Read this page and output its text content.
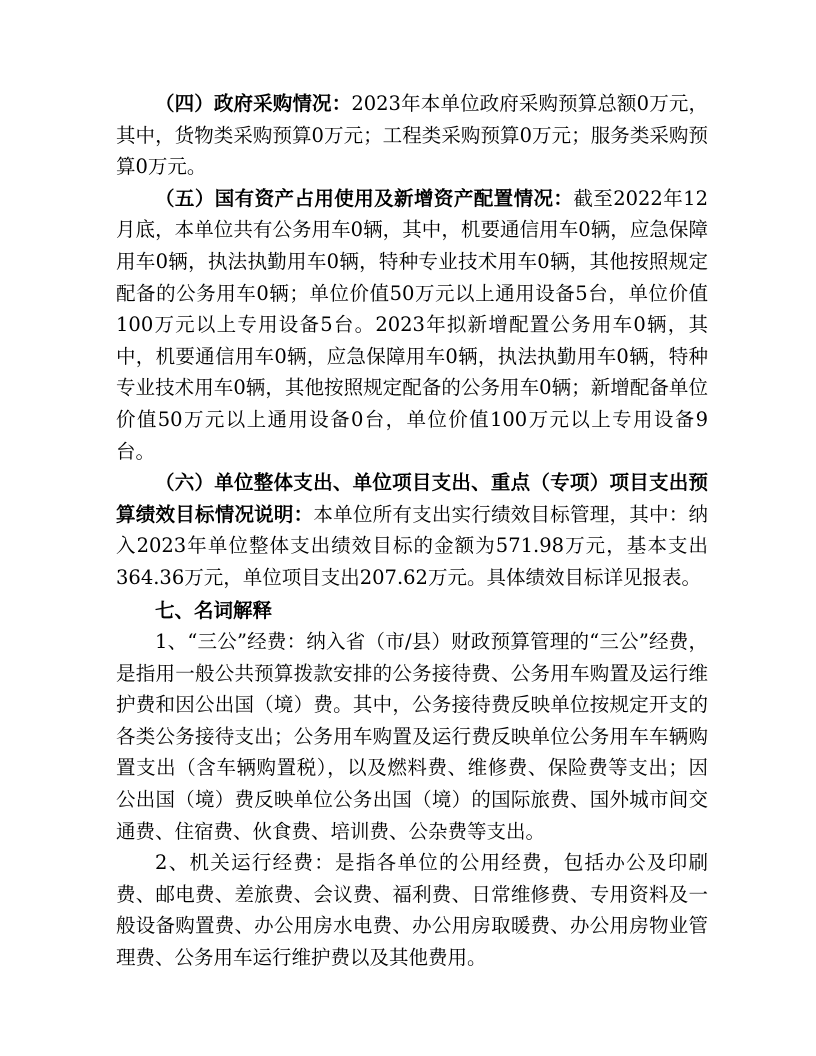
（四）政府采购情况：2023年本单位政府采购预算总额0万元，其中，货物类采购预算0万元；工程类采购预算0万元；服务类采购预算0万元。

（五）国有资产占用使用及新增资产配置情况：截至2022年12月底，本单位共有公务用车0辆，其中，机要通信用车0辆，应急保障用车0辆，执法执勤用车0辆，特种专业技术用车0辆，其他按照规定配备的公务用车0辆；单位价值50万元以上通用设备5台，单位价值100万元以上专用设备5台。2023年拟新增配置公务用车0辆，其中，机要通信用车0辆，应急保障用车0辆，执法执勤用车0辆，特种专业技术用车0辆，其他按照规定配备的公务用车0辆；新增配备单位价值50万元以上通用设备0台，单位价值100万元以上专用设备9台。

（六）单位整体支出、单位项目支出、重点（专项）项目支出预算绩效目标情况说明：本单位所有支出实行绩效目标管理，其中：纳入2023年单位整体支出绩效目标的金额为571.98万元，基本支出364.36万元，单位项目支出207.62万元。具体绩效目标详见报表。

七、名词解释

1、“三公”经费：纳入省（市/县）财政预算管理的“三公”经费，是指用一般公共预算拨款安排的公务接待费、公务用车购置及运行维护费和因公出国（境）费。其中，公务接待费反映单位按规定开支的各类公务接待支出；公务用车购置及运行费反映单位公务用车车辆购置支出（含车辆购置税），以及燃料费、维修费、保险费等支出；因公出国（境）费反映单位公务出国（境）的国际旅费、国外城市间交通费、住宿费、伙食费、培训费、公杂费等支出。

2、机关运行经费：是指各单位的公用经费，包括办公及印刷费、邮电费、差旅费、会议费、福利费、日常维修费、专用资料及一般设备购置费、办公用房水电费、办公用房取暖费、办公用房物业管理费、公务用车运行维护费以及其他费用。
